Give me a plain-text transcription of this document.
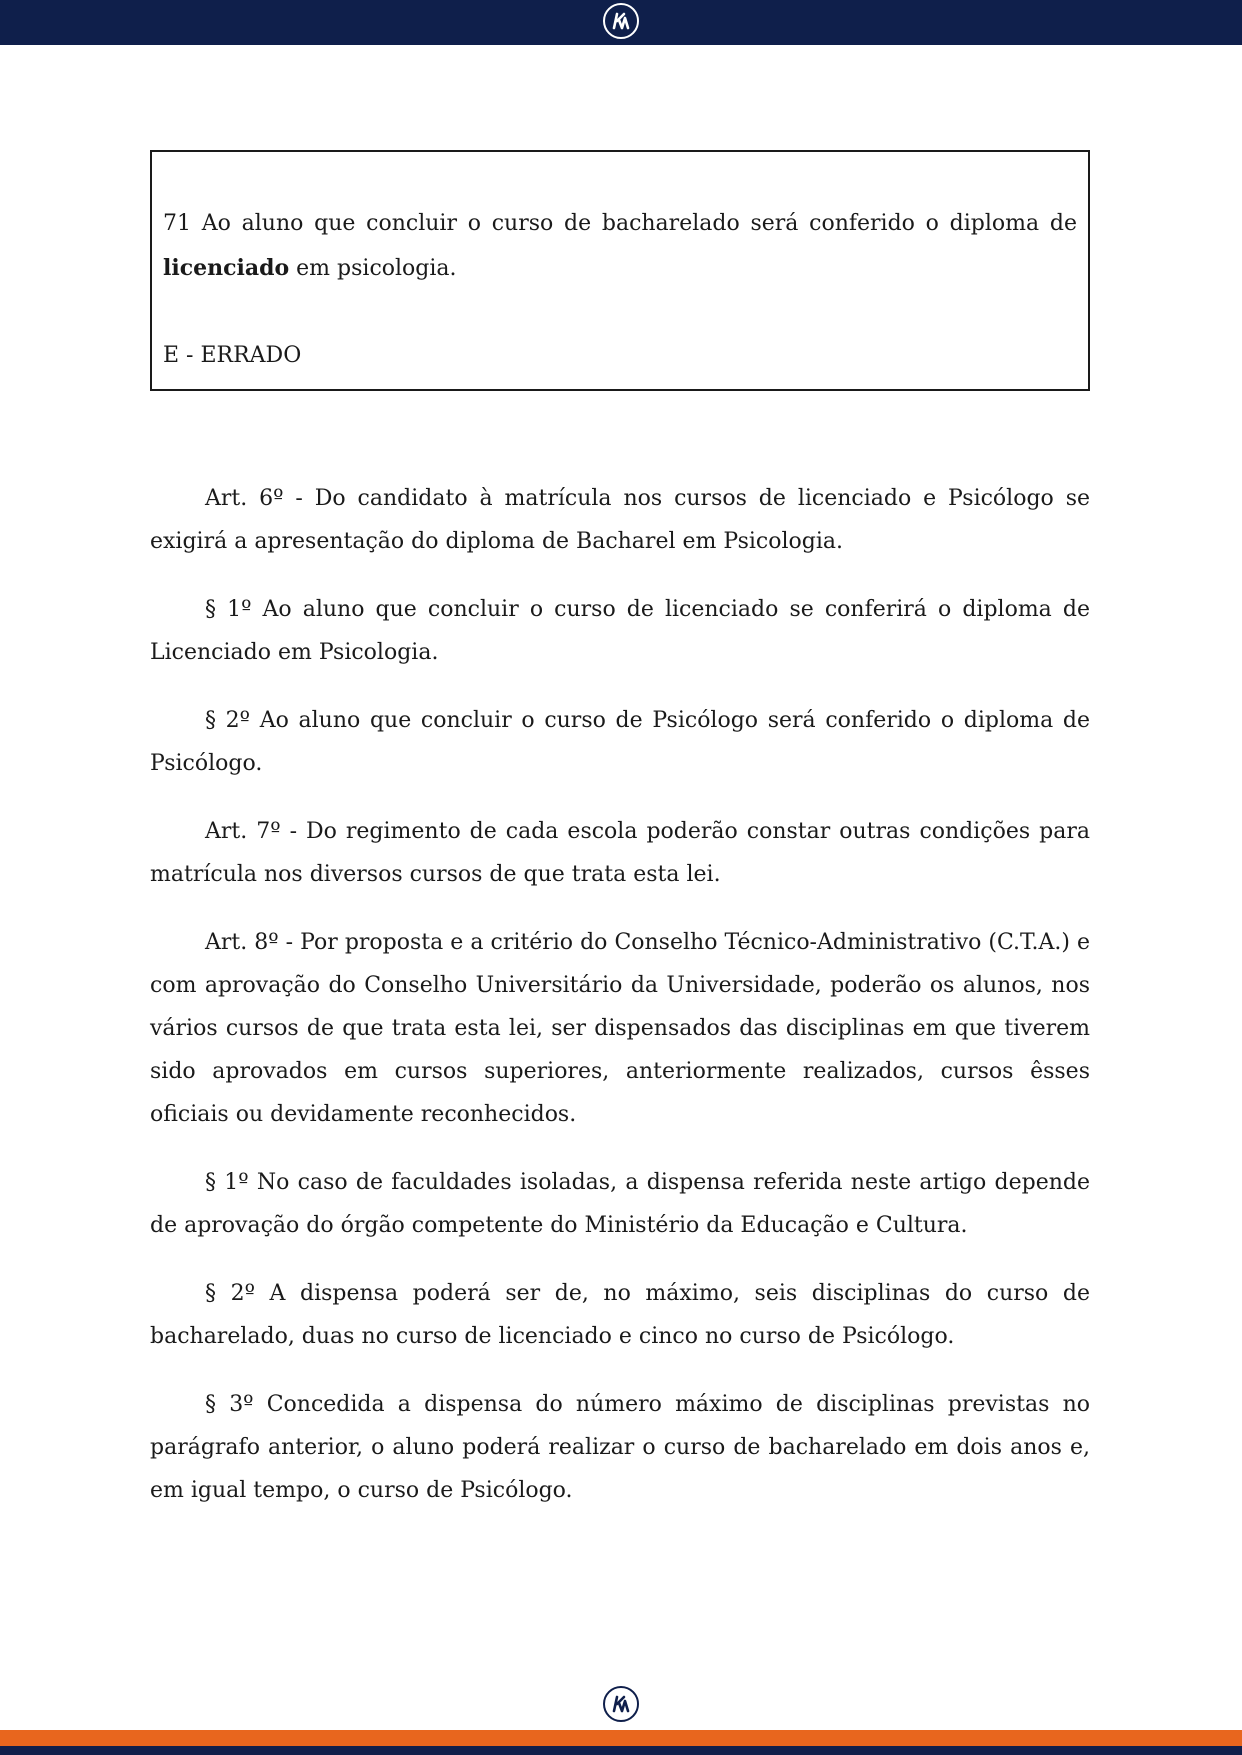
71 Ao aluno que concluir o curso de bacharelado será conferido o diploma de licenciado em psicologia.

E - ERRADO

Art. 6º - Do candidato à matrícula nos cursos de licenciado e Psicólogo se exigirá a apresentação do diploma de Bacharel em Psicologia.

§ 1º Ao aluno que concluir o curso de licenciado se conferirá o diploma de Licenciado em Psicologia.

§ 2º Ao aluno que concluir o curso de Psicólogo será conferido o diploma de Psicólogo.

Art. 7º - Do regimento de cada escola poderão constar outras condições para matrícula nos diversos cursos de que trata esta lei.

Art. 8º - Por proposta e a critério do Conselho Técnico-Administrativo (C.T.A.) e com aprovação do Conselho Universitário da Universidade, poderão os alunos, nos vários cursos de que trata esta lei, ser dispensados das disciplinas em que tiverem sido aprovados em cursos superiores, anteriormente realizados, cursos êsses oficiais ou devidamente reconhecidos.

§ 1º No caso de faculdades isoladas, a dispensa referida neste artigo depende de aprovação do órgão competente do Ministério da Educação e Cultura.

§ 2º A dispensa poderá ser de, no máximo, seis disciplinas do curso de bacharelado, duas no curso de licenciado e cinco no curso de Psicólogo.

§ 3º Concedida a dispensa do número máximo de disciplinas previstas no parágrafo anterior, o aluno poderá realizar o curso de bacharelado em dois anos e, em igual tempo, o curso de Psicólogo.
